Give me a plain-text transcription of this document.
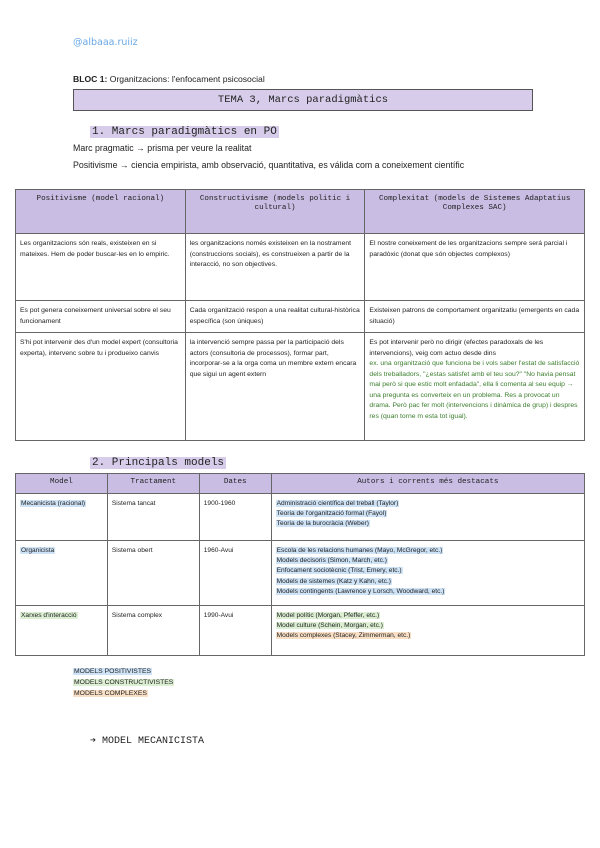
@albaaa.ruiiz
BLOC 1: Organitzacions: l'enfocament psicosocial
TEMA 3, Marcs paradigmàtics
1. Marcs paradigmàtics en PO
Marc pragmatic → prisma per veure la realitat
Positivisme → ciencia empirista, amb observació, quantitativa, es válida com a coneixement científic
Positivisme (model racional)	Constructivisme (models politic i cultural)	Complexitat (models de Sistemes Adaptatius Complexes SAC)
Les organitzacions són reals, existeixen en si mateixes. Hem de poder buscar-les en lo empiric.	les organitzacions només existeixen en la nostrament (construccions socials), es construeixen a partir de la interacció, no son objectives.	El nostre coneixement de les organitzacions sempre será parcial i paradòxic (donat que són objectes complexos)
Es pot genera coneixement universal sobre el seu funcionament	Cada organització respon a una realitat cultural-històrica específica (son úniques)	Existeixen patrons de comportament organitzatiu (emergents en cada situació)
S'hi pot intervenir des d'un model expert (consultoria experta), intervenc sobre tu i produeixo canvis	la intervenció sempre passa per la participació dels actors (consultoria de processos), formar part, incorporar-se a la orga coma un membre extern encara que sigui un agent extern	Es pot intervenir però no dirigir (efectes paradoxals de les intervencions), veig com actuo desde dins
ex. una organització que funciona be i vols saber l'estat de satisfacció dels treballadors, "¿estas satisfet amb el teu sou?" "No havia pensat mai però si que estic molt enfadada", ella li comenta al seu equip → una pregunta es converteix en un problema. Res a provocat un drama. Però pac fer molt (intervencions i dinàmica de grup) i despres res (quan torne m esta tot igual).
2. Principals models
Model	Tractament	Dates	Autors i corrents més destacats
Mecanicista (racional)	Sistema tancat	1900-1960	Administració científica del treball (Taylor)
Teoria de l'organització formal (Fayol)
Teoria de la burocràcia (Weber)

Organicista	Sistema obert	1960-Avui	Escola de les relacions humanes (Mayo, McGregor, etc.)
Models decisoris (Simon, March, etc.)
Enfocament sociotècnic (Trist, Emery, etc.)
Models de sistemes (Katz y Kahn, etc.)
Models contingents (Lawrence y Lorsch, Woodward, etc.)

Xarxes d'interacció	Sistema complex	1990-Avui	Model polític (Morgan, Pfeffer, etc.)
Model culture (Schein, Morgan, etc.)
Models complexes (Stacey, Zimmerman, etc.)
MODELS POSITIVISTES
MODELS CONSTRUCTIVISTES
MODELS COMPLEXES
➔ MODEL MECANICISTA
